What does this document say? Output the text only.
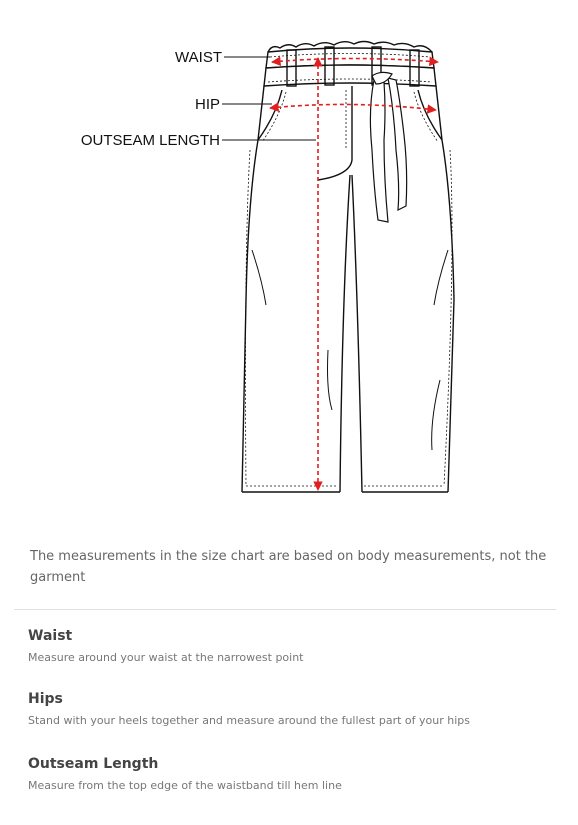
WAIST
HIP
OUTSEAM LENGTH
The measurements in the size chart are based on body measurements, not the garment
Waist

Measure around your waist at the narrowest point

Hips

Stand with your heels together and measure around the fullest part of your hips

Outseam Length

Measure from the top edge of the waistband till hem line
